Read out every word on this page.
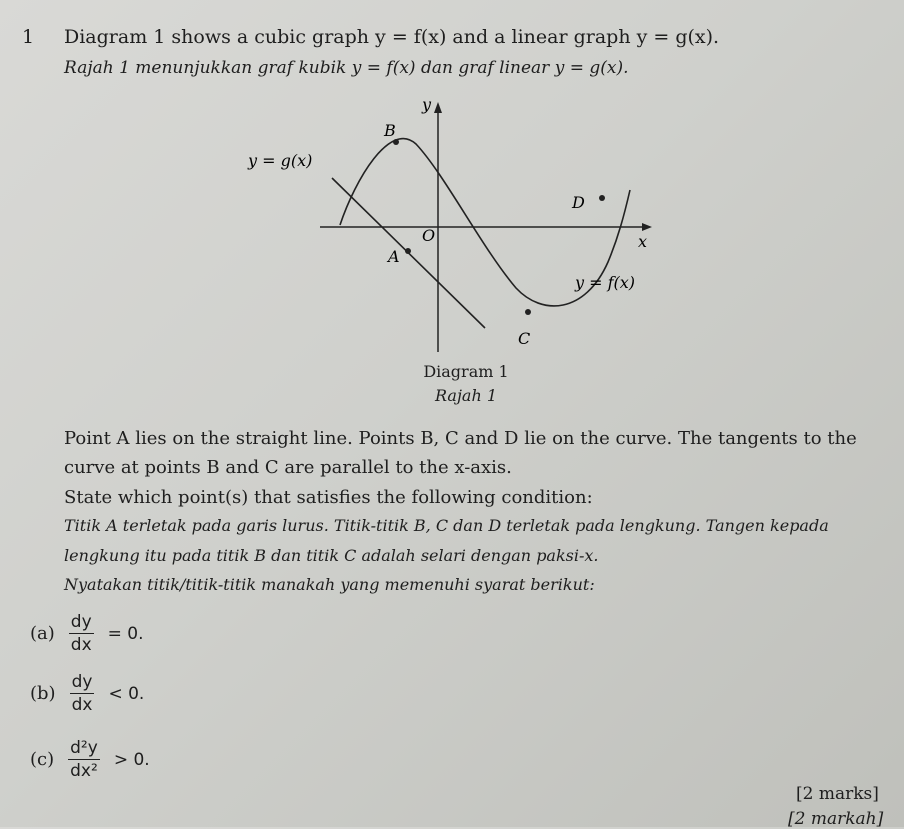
1 Diagram 1 shows a cubic graph y = f(x) and a linear graph y = g(x).
Rajah 1 menunjukkan graf kubik y = f(x) dan graf linear y = g(x).
y
B
y = g(x)
D
O	x
A
y = f(x)
C
Diagram 1
Rajah 1
Point A lies on the straight line. Points B, C and D lie on the curve. The tangents to the
curve at points B and C are parallel to the x-axis.
State which point(s) that satisfies the following condition:
Titik A terletak pada garis lurus. Titik-titik B, C dan D terletak pada lengkung. Tangen kepada
lengkung itu pada titik B dan titik C adalah selari dengan paksi-x.
Nyatakan titik/titik-titik manakah yang memenuhi syarat berikut:
$(a) \frac{dy}{dx} = 0$.
$(b) \frac{dy}{dx} < 0$.
$(c) \frac{\text{d²y}}{\text{dx²}} > 0$.
[2 marks]
[2 markah]
